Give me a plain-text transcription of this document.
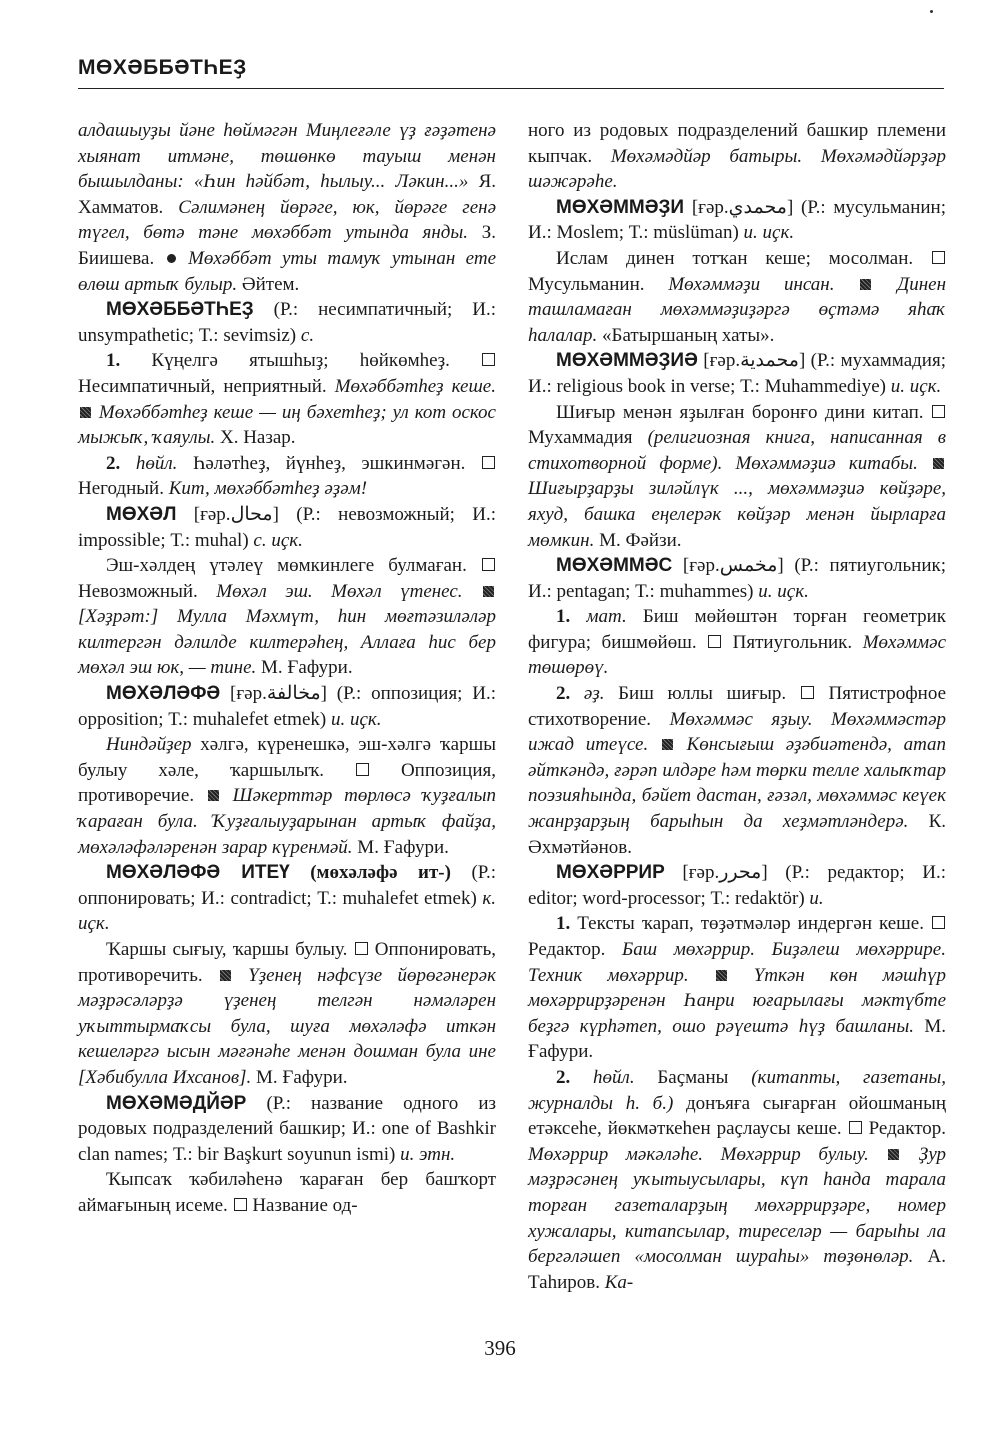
МӨХӘББӘТҺЕҘ

алдашыуҙы йәне һөймәгән Миңлеғәле үҙ ғәҙәтенә хыянат итмәне, төшөнкө тауыш менән бышылданы: «Һин һәйбәт, һылыу... Ләкин...» Я. Хамматов. Сәлимәнең йөрәге, юк, йөрәге генә түгел, бөтә тәне мөхәббәт утында янды. З. Биишева. Мөхәббәт уты тамуҡ утынан ете өлөш артыҡ булыр. Әйтем.

МӨХӘББӘТҺЕҘ (Р.: несимпатичный; И.: unsympathetic; Т.: sevimsiz) с.

1. Күңелгә ятышһыҙ; һөйкөмһеҙ.  Несимпатичный, неприятный. Мөхәббәтһеҙ кеше.  Мөхәббәтһеҙ кеше — иң бәхетһеҙ; ул кот оскос мыжыҡ, ҡаяулы. Х. Назар.

2. һөйл. Һәләтһеҙ, йүнһеҙ, эшкинмәгән.  Негодный. Кит, мөхәббәтһеҙ әҙәм!

МӨХӘЛ [ғәр.محال] (Р.: невозможный; И.: impossible; Т.: muhal) с. иҫк.

Эш-хәлдең үтәлеү мөмкинлеге булмаған.  Невозможный. Мөхәл эш. Мөхәл үтенес.  [Хәҙрәт:] Мулла Мәхмүт, һин мөғтәзиләләр килтергән дәлилде килтерәһең, Аллаға һис бер мөхәл эш юк, — тине. М. Ғафури.

МӨХӘЛӘФӘ [ғәр.مخالفة] (Р.: оппозиция; И.: opposition; Т.: muhalefet etmek) и. иҫк.

Ниндәйҙер хәлгә, күренешкә, эш-хәлгә ҡаршы булыу хәле, ҡаршылыҡ.	Оппозиция, противоречие. Шәкерттәр төрлөсә ҡуҙғалып ҡараған була. Ҡуҙғалыуҙарынан артыҡ файҙа, мөхәләфәләренән зарар күренмәй. М. Ғафури.

МӨХӘЛӘФӘ ИТЕҮ (мөхәләфә ит-) (Р.: оппонировать; И.: contradict; Т.: muhalefet etmek) к. иҫк.

Ҡаршы сығыу, ҡаршы булыу. Оппонировать, противоречить. Үҙенең нәфсүзе йөрөгәнерәк мәҙрәсәләрҙә үҙенең телгән нәмәләрен уҡыттырмаҡсы була, шуға мөхәләфә иткән кешеләргә ысын мәғәнәһе менән дошман була ине [Хәбибулла Ихсанов]. М. Ғафури.

МӨХӘМӘДЙӘР (Р.: название одного из родовых подразделений башкир; И.: one of Bashkir clan names; Т.: bir Başkurt soyunun ismi) и. этн.

Ҡыпсаҡ ҡәбиләһенә ҡараған бер башҡорт аймағының исеме. Название од-

ного из родовых подразделений башкир племени кыпчак. Мөхәмәдйәр батыры. Мөхәмәдйәрҙәр шәжәрәһе.

МӨХӘММӘҘИ [ғәр.محمدي] (Р.: мусульманин; И.: Moslem; Т.: müslüman) и. иҫк.

Ислам динен тотҡан кеше; мосолман.  Мусульманин. Мөхәммәҙи инсан.	Динен ташламаған мөхәммәҙиҙәргә өҫтәмә яһаҡ һалалар. «Батыршаның хаты».

МӨХӘММӘҘИӘ [ғәр.محمدية] (Р.: мухаммадия; И.: religious book in verse; Т.: Muhammediye) и. иҫк.

Шиғыр менән яҙылған боронғо дини китап.  Мухаммадия (религиозная книга, написанная в стихотворной форме). Мөхәммәҙиә китабы.  Шиғырҙарҙы зиләйлүк ..., мөхәммәҙиә көйҙәре, яхуд, башка еңелерәк көйҙәр менән йырларға мөмкин. М. Фәйзи.

МӨХӘММӘС [ғәр.مخمس] (Р.: пятиугольник; И.: pentagan; Т.: muhammes) и. иҫк.

1. мат. Биш мөйөштән торған геометрик фигура; бишмөйөш. Пятиугольник. Мөхәммәс төшөрөү.

2. әҙ. Биш юллы шиғыр. Пятистрофное стихотворение. Мөхәммәс яҙыу. Мөхәммәстәр ижад итеүсе. Көнсығыш әҙәбиәтендә, атап әйткәндә, ғәрәп илдәре һәм төрки телле халыҡтар поэзияһында, бәйет дастан, ғәзәл, мөхәммәс кеүек жанрҙарҙың барыһын да хеҙмәтләндерә. К. Әхмәтйәнов.

МӨХӘРРИР [ғәр.محرر] (Р.: редактор; И.: editor; word-processor; Т.: redaktör) и.

1. Тексты ҡарап, төҙәтмәләр индергән кеше.  Редактор. Баш мөхәррир. Биҙәлеш мөхәррире. Техник мөхәррир.	Үткән көн мәшһүр мөхәррирҙәренән Һанри юғарылағы мәктүбте беҙгә күрһәтеп, ошо рәүештә һүҙ башланы. М. Ғафури.

2. һөйл. Баҫманы (китапты, газетаны, журналды һ. б.) донъяға сығарған ойошманың етәксеһе, йөкмәткеһен раҫлаусы кеше. Редактор. Мөхәррир мәкәләһе. Мөхәррир булыу.	Ҙур мәҙрәсәнең уҡытыусылары, күп һанда тарала торған газеталарҙың мөхәррирҙәре, номер хужалары, китапсылар, тиреселәр — барыһы ла бергәләшеп «мосолман шураһы» төҙөнөләр. А. Таһиров. Ка-

396
